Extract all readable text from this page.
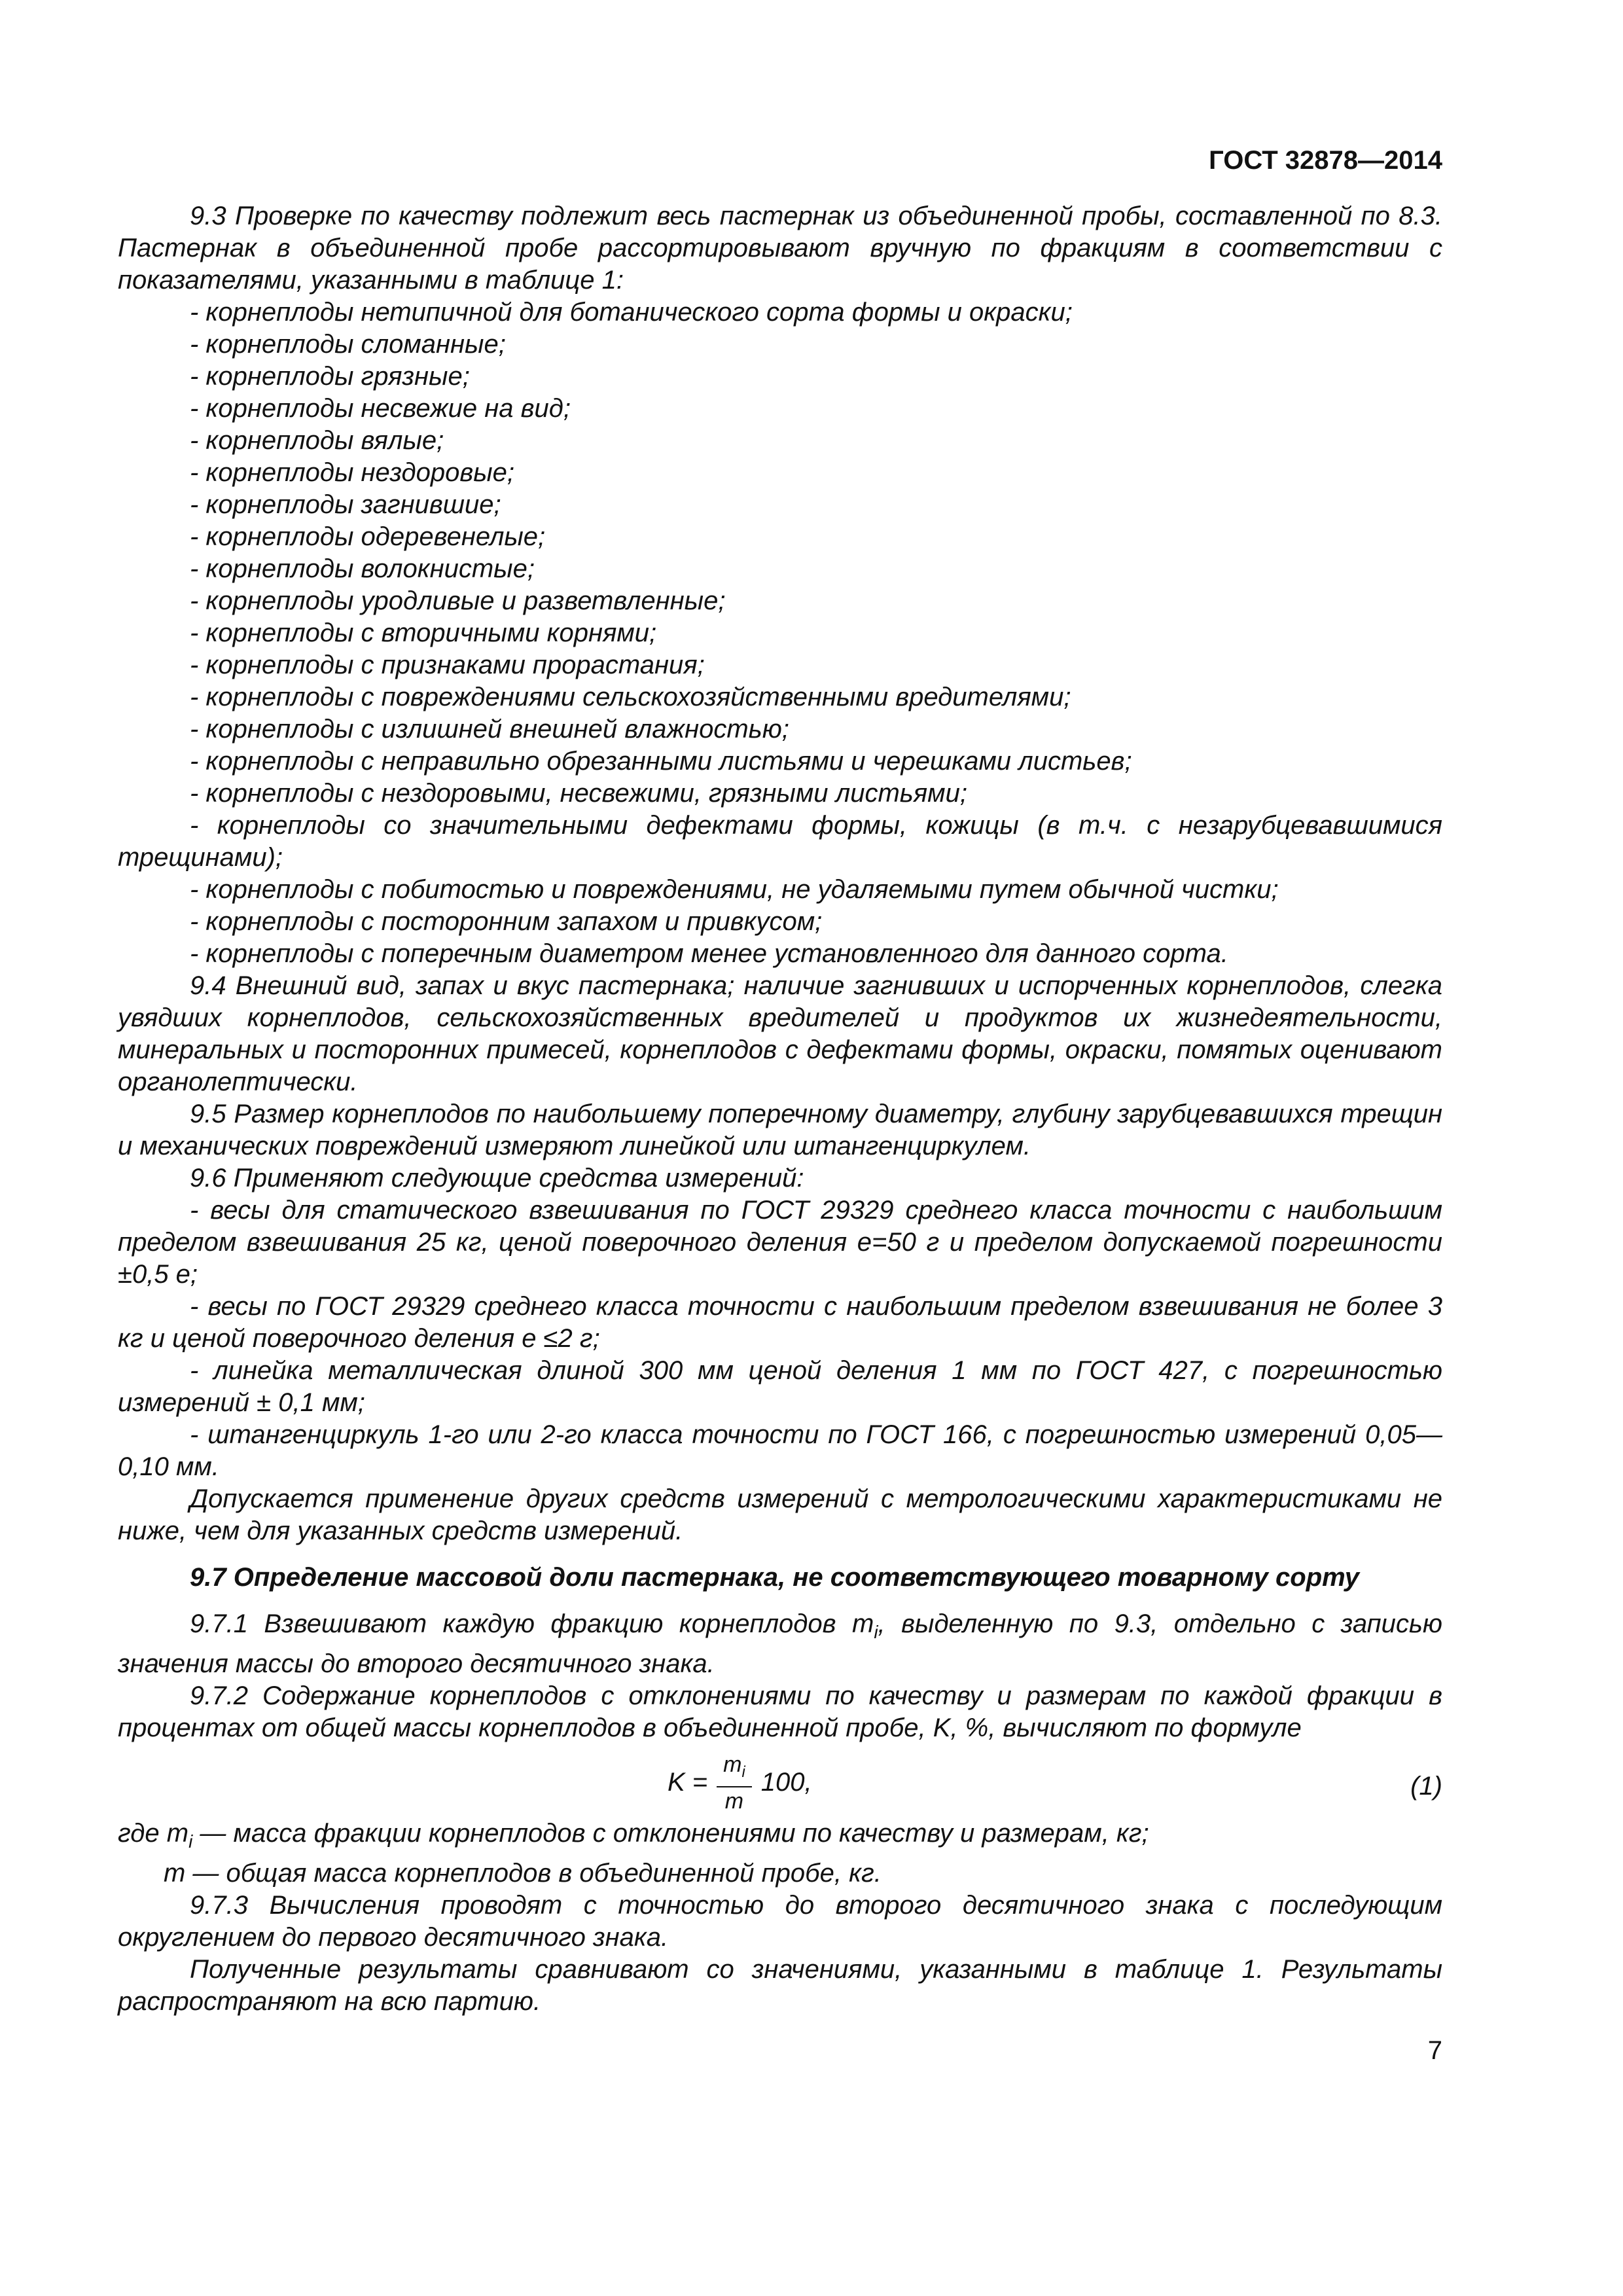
ГОСТ 32878—2014

9.3 Проверке по качеству подлежит весь пастернак из объединенной пробы, составленной по 8.3. Пастернак в объединенной пробе рассортировывают вручную по фракциям в соответствии с показателями, указанными в таблице 1:

- корнеплоды нетипичной для ботанического сорта формы и окраски;

- корнеплоды сломанные;

- корнеплоды грязные;

- корнеплоды несвежие на вид;

- корнеплоды вялые;

- корнеплоды нездоровые;

- корнеплоды загнившие;

- корнеплоды одеревенелые;

- корнеплоды волокнистые;

- корнеплоды уродливые и разветвленные;

- корнеплоды с вторичными корнями;

- корнеплоды с признаками прорастания;

- корнеплоды с повреждениями сельскохозяйственными вредителями;

- корнеплоды с излишней внешней влажностью;

- корнеплоды с неправильно обрезанными листьями и черешками листьев;

- корнеплоды с нездоровыми, несвежими, грязными листьями;

- корнеплоды со значительными дефектами формы, кожицы (в т.ч. с незарубцевавшимися трещинами);

- корнеплоды с побитостью и повреждениями, не удаляемыми путем обычной чистки;

- корнеплоды с посторонним запахом и привкусом;

- корнеплоды с поперечным диаметром менее установленного для данного сорта.

9.4 Внешний вид, запах и вкус пастернака; наличие загнивших и испорченных корнеплодов, слегка увядших корнеплодов, сельскохозяйственных вредителей и продуктов их жизнедеятельности, минеральных и посторонних примесей, корнеплодов с дефектами формы, окраски, помятых оценивают органолептически.

9.5 Размер корнеплодов по наибольшему поперечному диаметру, глубину зарубцевавшихся трещин и механических повреждений измеряют линейкой или штангенциркулем.

9.6 Применяют следующие средства измерений:

- весы для статического взвешивания по ГОСТ 29329 среднего класса точности с наибольшим пределом взвешивания 25 кг, ценой поверочного деления e=50 г и пределом допускаемой погрешности ±0,5 e;

- весы по ГОСТ 29329 среднего класса точности с наибольшим пределом взвешивания не более 3 кг и ценой поверочного деления e ≤2 г;

- линейка металлическая длиной 300 мм ценой деления 1 мм по ГОСТ 427, с погрешностью измерений ± 0,1 мм;

- штангенциркуль 1-го или 2-го класса точности по ГОСТ 166, с погрешностью измерений 0,05—0,10 мм.

Допускается применение других средств измерений с метрологическими характеристиками не ниже, чем для указанных средств измерений.

9.7 Определение массовой доли пастернака, не соответствующего товарному сорту

9.7.1 Взвешивают каждую фракцию корнеплодов $m_i$, выделенную по 9.3, отдельно с записью значения массы до второго десятичного знака.

9.7.2 Содержание корнеплодов с отклонениями по качеству и размерам по каждой фракции в процентах от общей массы корнеплодов в объединенной пробе, K, %, вычисляют по формуле

$K = \frac{m_i}{m} 100$,	(1)

где $m_i$ — масса фракции корнеплодов с отклонениями по качеству и размерам, кг;

m — общая масса корнеплодов в объединенной пробе, кг.

9.7.3 Вычисления проводят с точностью до второго десятичного знака с последующим округлением до первого десятичного знака.

Полученные результаты сравнивают со значениями, указанными в таблице 1. Результаты распространяют на всю партию.

7
